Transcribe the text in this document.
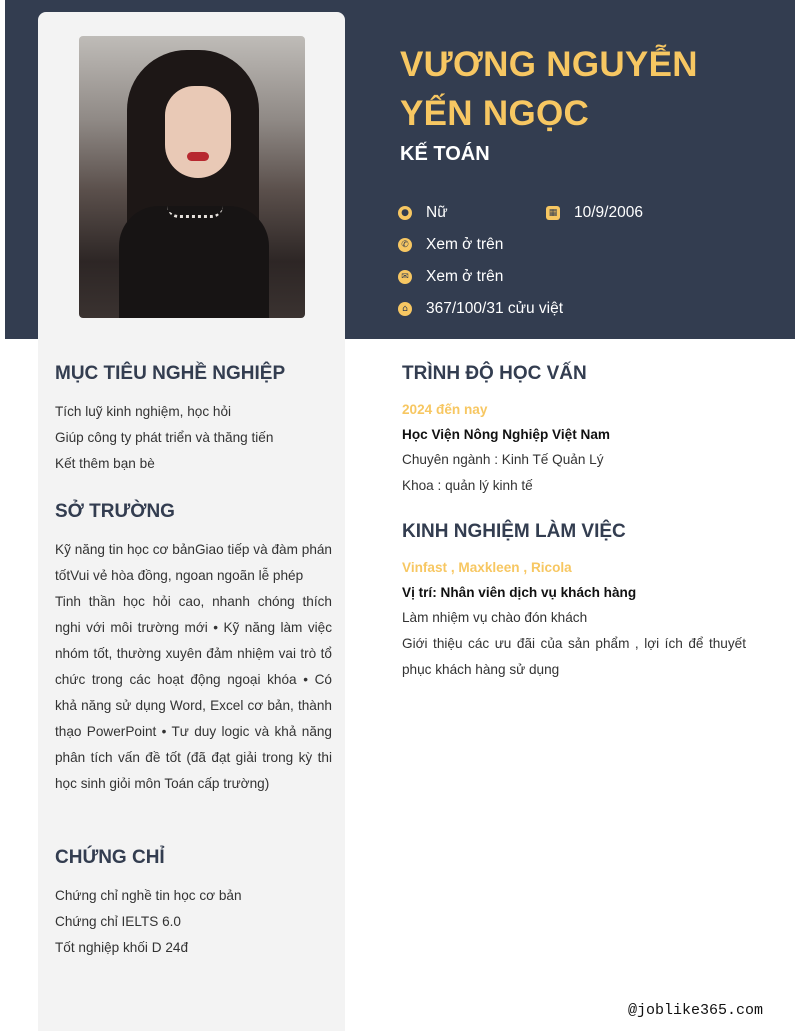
VƯƠNG NGUYỄN YẾN NGỌC
KẾ TOÁN
● Nữ	▦ 10/9/2006
✆ Xem ở trên
✉ Xem ở trên
⌂ 367/100/31 cửu việt
MỤC TIÊU NGHỀ NGHIỆP
Tích luỹ kinh nghiệm, học hỏi
Giúp công ty phát triển và thăng tiến
Kết thêm bạn bè
SỞ TRƯỜNG
Kỹ năng tin học cơ bảnGiao tiếp và đàm phán tốtVui vẻ hòa đồng, ngoan ngoãn lễ phép
Tinh thần học hỏi cao, nhanh chóng thích nghi với môi trường mới • Kỹ năng làm việc nhóm tốt, thường xuyên đảm nhiệm vai trò tổ chức trong các hoạt động ngoại khóa • Có khả năng sử dụng Word, Excel cơ bản, thành thạo PowerPoint • Tư duy logic và khả năng phân tích vấn đề tốt (đã đạt giải trong kỳ thi học sinh giỏi môn Toán cấp trường)
CHỨNG CHỈ
Chứng chỉ nghề tin học cơ bản
Chứng chỉ IELTS 6.0
Tốt nghiệp khối D 24đ
TRÌNH ĐỘ HỌC VẤN
2024 đến nay
Học Viện Nông Nghiệp Việt Nam
Chuyên ngành : Kinh Tế Quản Lý
Khoa : quản lý kinh tế
KINH NGHIỆM LÀM VIỆC
Vinfast , Maxkleen , Ricola
Vị trí: Nhân viên dịch vụ khách hàng
Làm nhiệm vụ chào đón khách
Giới thiệu các ưu đãi của sản phẩm , lợi ích để thuyết phục khách hàng sử dụng
@joblike365.com
